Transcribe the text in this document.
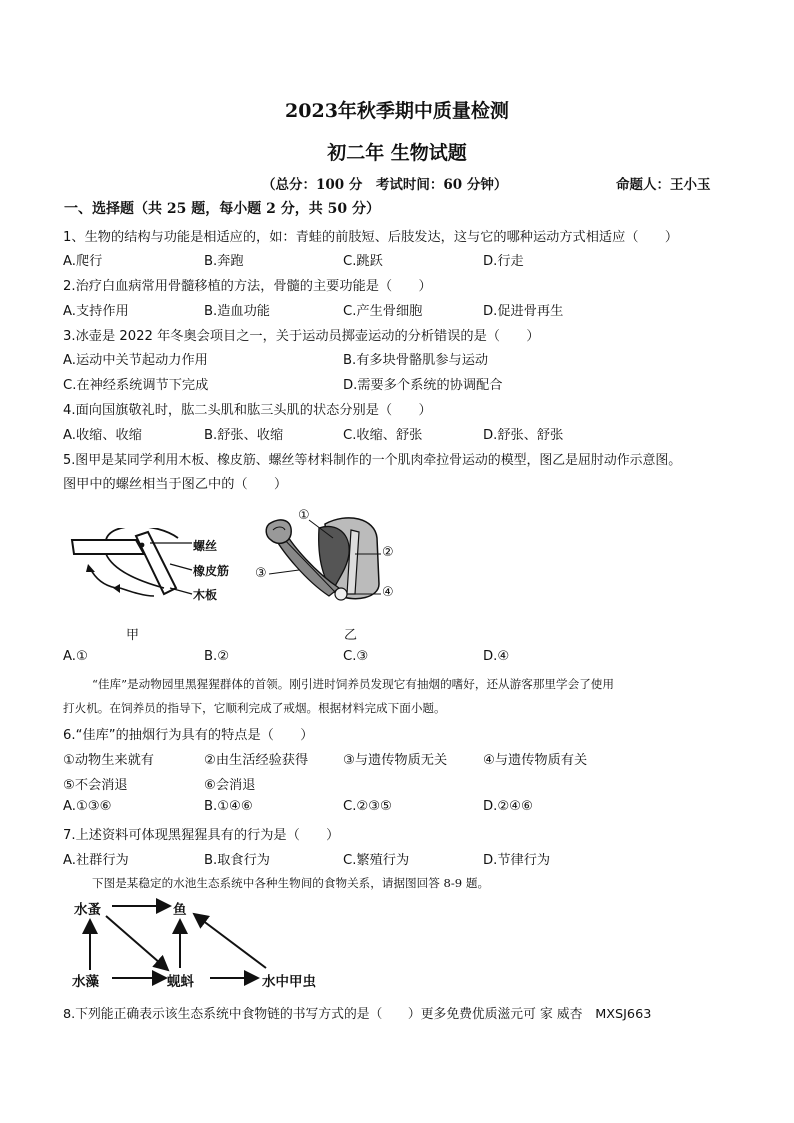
2023年秋季期中质量检测
初二年 生物试题
（总分：100 分　考试时间：60 分钟）	命题人：王小玉
一、选择题（共 25 题，每小题 2 分，共 50 分）
1、生物的结构与功能是相适应的，如：青蛙的前肢短、后肢发达，这与它的哪种运动方式相适应（　　）
A.爬行	B.奔跑	C.跳跃	D.行走
2.治疗白血病常用骨髓移植的方法，骨髓的主要功能是（　　）
A.支持作用	B.造血功能	C.产生骨细胞	D.促进骨再生
3.冰壶是 2022 年冬奥会项目之一，关于运动员掷壶运动的分析错误的是（　　）
A.运动中关节起动力作用	B.有多块骨骼肌参与运动
C.在神经系统调节下完成	D.需要多个系统的协调配合
4.面向国旗敬礼时，肱二头肌和肱三头肌的状态分别是（　　）
A.收缩、收缩	B.舒张、收缩	C.收缩、舒张	D.舒张、舒张
5.图甲是某同学利用木板、橡皮筋、螺丝等材料制作的一个肌肉牵拉骨运动的模型，图乙是屈肘动作示意图。
图甲中的螺丝相当于图乙中的（　　）
螺丝
橡皮筋
木板
甲
①
②
③
④
乙
A.①	B.②	C.③	D.④
“佳库”是动物园里黑猩猩群体的首领。刚引进时饲养员发现它有抽烟的嗜好，还从游客那里学会了使用
打火机。在饲养员的指导下，它顺利完成了戒烟。根据材料完成下面小题。
6.“佳库”的抽烟行为具有的特点是（　　）
①动物生来就有	②由生活经验获得	③与遗传物质无关	④与遗传物质有关
⑤不会消退	⑥会消退
A.①③⑥	B.①④⑥	C.②③⑤	D.②④⑥
7.上述资料可体现黑猩猩具有的行为是（　　）
A.社群行为	B.取食行为	C.繁殖行为	D.节律行为
下图是某稳定的水池生态系统中各种生物间的食物关系，请据图回答 8-9 题。
水蚤	鱼
水藻	蚬蚪	水中甲虫
8.下列能正确表示该生态系统中食物链的书写方式的是（　　）更多免费优质滋元可 家 威杏　MXSJ663
